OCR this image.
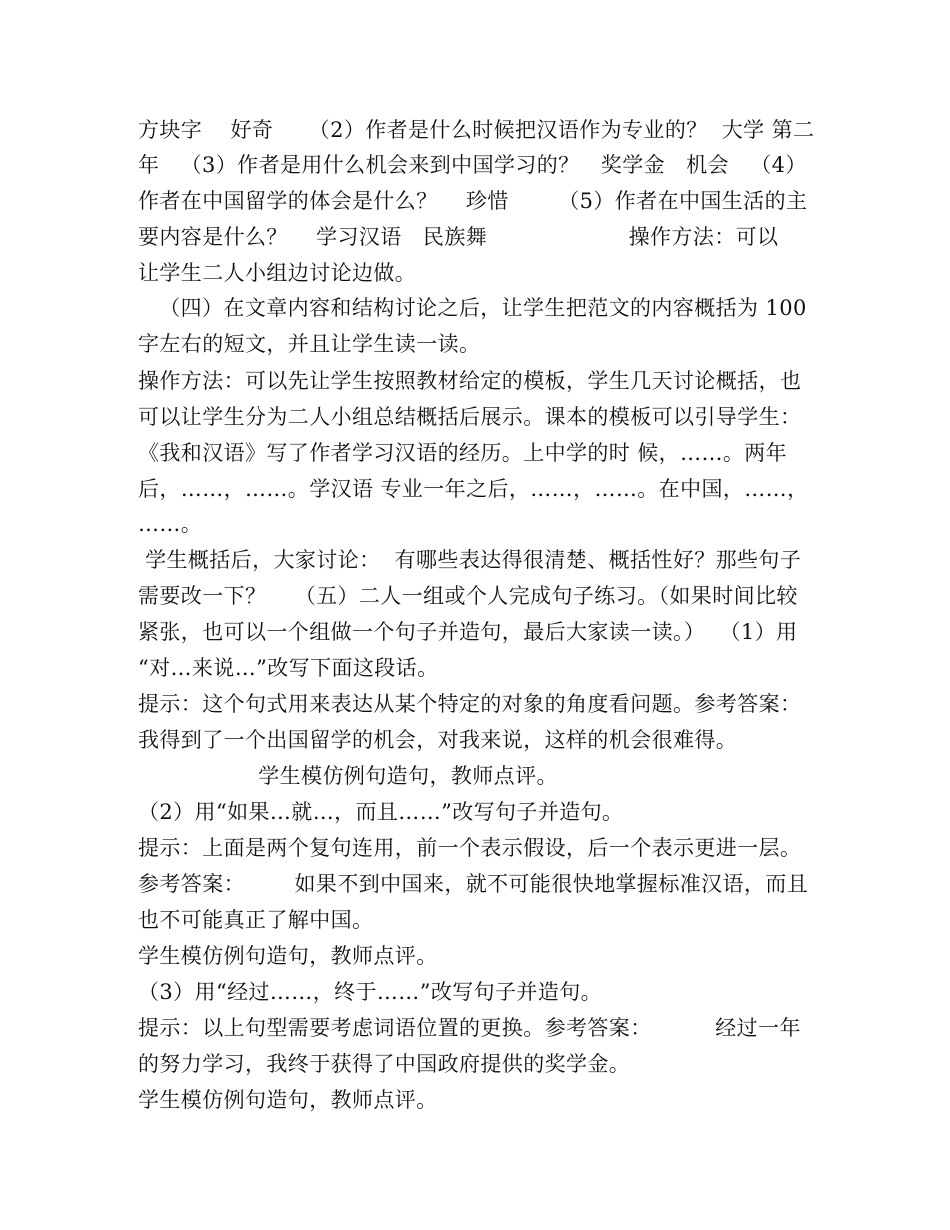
方块字    好奇     （2）作者是什么时候把汉语作为专业的？  大学 第二
年   （3）作者是用什么机会来到中国学习的？   奖学金   机会   （4）
作者在中国留学的体会是什么？    珍惜       （5）作者在中国生活的主
要内容是什么？    学习汉语   民族舞                    操作方法：可以
让学生二人小组边讨论边做。
（四）在文章内容和结构讨论之后，让学生把范文的内容概括为 100
字左右的短文，并且让学生读一读。
操作方法：可以先让学生按照教材给定的模板，学生几天讨论概括，也
可以让学生分为二人小组总结概括后展示。课本的模板可以引导学生：
《我和汉语》写了作者学习汉语的经历。上中学的时 候，……。两年
后，……，……。学汉语 专业一年之后，……，……。在中国，……，
……。
学生概括后，大家讨论：  有哪些表达得很清楚、概括性好？那些句子
需要改一下？    （五）二人一组或个人完成句子练习。（如果时间比较
紧张，也可以一个组做一个句子并造句，最后大家读一读。）  （1）用
“对…来说…”改写下面这段话。
提示：这个句式用来表达从某个特定的对象的角度看问题。参考答案：
我得到了一个出国留学的机会，对我来说，这样的机会很难得。
学生模仿例句造句，教师点评。
（2）用“如果…就…，而且……”改写句子并造句。
提示：上面是两个复句连用，前一个表示假设，后一个表示更进一层。
参考答案：       如果不到中国来，就不可能很快地掌握标准汉语，而且
也不可能真正了解中国。
学生模仿例句造句，教师点评。
（3）用“经过……，终于……”改写句子并造句。
提示：以上句型需要考虑词语位置的更换。参考答案：         经过一年
的努力学习，我终于获得了中国政府提供的奖学金。
学生模仿例句造句，教师点评。
